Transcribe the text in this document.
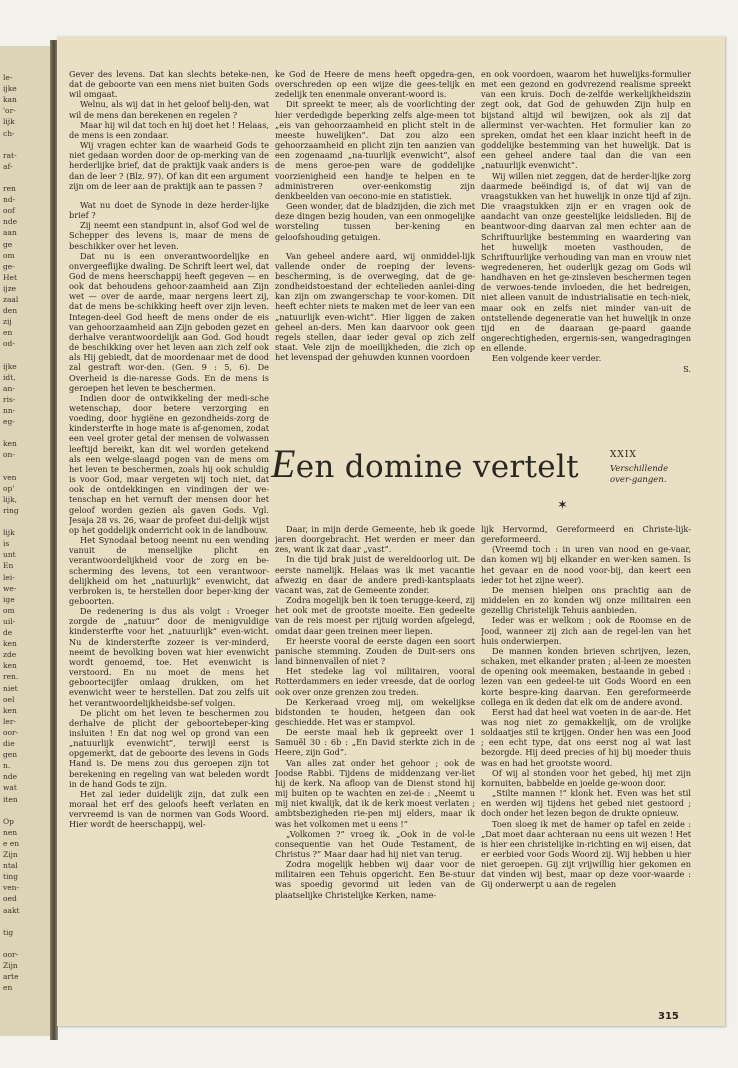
le-
ijke
kan
'or-
lijk
ch-
rat-
af-
ren
nd-
oof
nde
aan
ge
om
ge-
Het
ijze
zaal
den
zij
en
od-
ijke
idt,
an-
ris-
nn-
eg-
ken
on-
ven
op'
lijk,
ring
lijk
is
unt
En
lei-
we-
ige
om
uil-
de
ken
zde
ken
ren.
niet
oel
ken
ler-
oor-
die
gen
n.
nde
wat
iten
Op
nen
e en
Zijn
ntal
ting
ven-
oed
aakt
tig
oor-
Zijn
arte
en

Gever des levens. Dat kan slechts beteke-nen, dat de geboorte van een mens niet buiten Gods wil omgaat.

Welnu, als wij dat in het geloof belij-den, wat wil de mens dan berekenen en regelen ?

Maar hij wil dat toch en hij doet het ! Helaas, de mens is een zondaar.

Wij vragen echter kan de waarheid Gods te niet gedaan worden door de op-merking van de herderlijke brief, dat de praktijk vaak anders is dan de leer ? (Blz. 97). Of kan dit een argument zijn om de leer aan de praktijk aan te passen ?

Wat nu doet de Synode in deze herder-lijke brief ?

Zij neemt een standpunt in, alsof God wel de Schepper des levens is, maar de mens de beschikker over het leven.

Dat nu is een onverantwoordelijke en onvergeeflijke dwaling. De Schrift leert wel, dat God de mens heerschappij heeft gegeven — en ook dat behoudens gehoor-zaamheid aan Zijn wet — over de aarde, maar nergens leert zij, dat de mens be-schikking heeft over zijn leven. Integen-deel God heeft de mens onder de eis van gehoorzaamheid aan Zijn geboden gezet en derhalve verantwoordelijk aan God. God houdt de beschikking over het leven aan zich zelf ook als Hij gebiedt, dat de moordenaar met de dood zal gestraft wor-den. (Gen. 9 : 5, 6). De Overheid is die-naresse Gods. En de mens is geroepen het leven te beschermen.

Indien door de ontwikkeling der medi-sche wetenschap, door betere verzorging en voeding, door hygiëne en gezondheids-zorg de kindersterfte in hoge mate is af-genomen, zodat een veel groter getal der mensen de volwassen leeftijd bereikt, kan dit wel worden getekend als een welge-slaagd pogen van de mens om het leven te beschermen, zoals hij ook schuldig is voor God, maar vergeten wij toch niet, dat ook de ontdekkingen en vindingen der we-tenschap en het vernuft der mensen door het geloof worden gezien als gaven Gods. Vgl. Jesaja 28 vs. 26, waar de profeet dui-delijk wijst op het goddelijk onderricht ook in de landbouw.

Het Synodaal betoog neemt nu een wending vanuit de menselijke plicht en verantwoordelijkheid voor de zorg en be-scherming des levens, tot een verantwoor-delijkheid om het „natuurlijk” evenwicht, dat verbroken is, te herstellen door beper-king der geboorten.

De redenering is dus als volgt : Vroeger zorgde de „natuur” door de menigvuldige kindersterfte voor het „natuurlijk” even-wicht. Nu de kindersterfte zozeer is ver-minderd, neemt de bevolking boven wat hier evenwicht wordt genoemd, toe. Het evenwicht is verstoord. En nu moet de mens het geboortecijfer omlaag drukken, om het evenwicht weer te herstellen. Dat zou zelfs uit het verantwoordelijkheidsbe-sef volgen.

De plicht om het leven te beschermen zou derhalve de plicht der geboortebeper-king insluiten ! En dat nog wel op grond van een „natuurlijk evenwicht”, terwijl eerst is opgemerkt, dat de geboorte des levens in Gods Hand is. De mens zou dus geroepen zijn tot berekening en regeling van wat beleden wordt in de hand Gods te zijn.

Het zal ieder duidelijk zijn, dat zulk een moraal het erf des geloofs heeft verlaten en vervreemd is van de normen van Gods Woord. Hier wordt de heerschappij, wel-

ke God de Heere de mens heeft opgedra-gen, overschreden op een wijze die gees-telijk en zedelijk ten enenmale onverant-woord is.

Dit spreekt te meer, als de voorlichting der hier verdedigde beperking zelfs alge-meen tot „eis van gehoorzaamheid en plicht stelt in de meeste huwelijken”. Dat zou alzo een gehoorzaamheid en plicht zijn ten aanzien van een zogenaamd „na-tuurlijk evenwicht”, alsof de mens geroe-pen ware de goddelijke voorzienigheid een handje te helpen en te administreren over-eenkomstig zijn denkbeelden van oecono-mie en statistiek.

Geen wonder, dat de bladzijden, die zich met deze dingen bezig houden, van een onmogelijke worsteling tussen ber-kening en geloofshouding getuigen.

Van geheel andere aard, wij onmiddel-lijk vallende onder de roeping der levens-bescherming, is de overweging, dat de ge-zondheidstoestand der echtelieden aanlei-ding kan zijn om zwangerschap te voor-komen. Dit heeft echter niets te maken met de leer van een „natuurlijk even-wicht”. Hier liggen de zaken geheel an-ders. Men kan daarvoor ook geen regels stellen, daar ieder geval op zich zelf staat. Vele zijn de moeilijkheden, die zich op het levenspad der gehuwden kunnen voordoen

en ook voordoen, waarom het huwelijks-formulier met een gezond en godvrezend realisme spreekt van een kruis. Doch de-zelfde werkelijkheidszin zegt ook, dat God de gehuwden Zijn hulp en bijstand altijd wil bewijzen, ook als zij dat allerminst ver-wachten. Het formulier kan zo spreken, omdat het een klaar inzicht heeft in de goddelijke bestemming van het huwelijk. Dat is een geheel andere taal dan die van een „natuurlijk evenwicht”.

Wij willen niet zeggen, dat de herder-lijke zorg daarmede beëindigd is, of dat wij van de vraagstukken van het huwelijk in onze tijd af zijn. Die vraagstukken zijn er en vragen ook de aandacht van onze geestelijke leidslieden. Bij de beantwoor-ding daarvan zal men echter aan de Schriftuurlijke bestemming en waardering van het huwelijk moeten vasthouden, de Schriftuurlijke verhouding van man en vrouw niet wegredeneren, het ouderlijk gezag om Gods wil handhaven en het ge-zinsleven beschermen tegen de verwoes-tende invloeden, die het bedreigen, niet alleen vanuit de industrialisatie en tech-niek, maar ook en zelfs niet minder van-uit de ontstellende degeneratie van het huwelijk in onze tijd en de daaraan ge-paard gaande ongerechtigheden, ergernis-sen, wangedragingen en ellende.

Een volgende keer verder.

S.

Een domine vertelt	XXIX
Verschillende over-gangen.
✶

Daar, in mijn derde Gemeente, heb ik goede jaren doorgebracht. Het werden er meer dan zes, want ik zat daar „vast”.

In die tijd brak juist de wereldoorlog uit. De eerste namelijk. Helaas was ik met vacantie afwezig en daar de andere predi-kantsplaats vacant was, zat de Gemeente zonder.

Zodra mogelijk ben ik toen terugge-keerd, zij het ook met de grootste moeite. Een gedeelte van de reis moest per rijtuig worden afgelegd, omdat daar geen treinen meer liepen.

Er heerste vooral de eerste dagen een soort panische stemming. Zouden de Duit-sers ons land binnenvallen of niet ?

Het stedeke lag vol militairen, vooral Rotterdammers en ieder vreesde, dat de oorlog ook over onze grenzen zou treden.

De Kerkeraad vroeg mij, om wekelijkse bidstonden te houden, hetgeen dan ook geschiedde. Het was er stampvol.

De eerste maal heb ik gepreekt over 1 Samuël 30 : 6b : „En David sterkte zich in de Heere, zijn God”.

Van alles zat onder het gehoor ; ook de Joodse Rabbi. Tijdens de middenzang ver-liet hij de kerk. Na afloop van de Dienst stond hij mij buiten op te wachten en zei-de : „Neemt u mij niet kwalijk, dat ik de kerk moest verlaten ; ambtsbezigheden rie-pen mij elders, maar ik was het volkomen met u eens !”

„Volkomen ?” vroeg ik. „Ook in de vol-le consequentie van het Oude Testament, de Christus ?” Maar daar had hij niet van terug.

Zodra mogelijk hebben wij daar voor de militairen een Tehuis opgericht. Een Be-stuur was spoedig gevormd uit leden van de plaatselijke Christelijke Kerken, name-

lijk Hervormd, Gereformeerd en Christe-lijk-gereformeerd.

(Vreemd toch : in uren van nood en ge-vaar, dan komen wij bij elkander en wer-ken samen. Is het gevaar en de nood voor-bij, dan keert een ieder tot het zijne weer).

De mensen hielpen ons prachtig aan de middelen en zo konden wij onze militairen een gezellig Christelijk Tehuis aanbieden.

Ieder was er welkom ; ook de Roomse en de Jood, wanneer zij zich aan de regel-len van het huis onderwierpen.

De mannen konden brieven schrijven, lezen, schaken, met elkander praten ; al-leen ze moesten de opening ook meemaken, bestaande in gebed : lezen van een gedeel-te uit Gods Woord en een korte bespre-king daarvan. Een gereformeerde collega en ik deden dat elk om de andere avond.

Eerst had dat heel wat voeten in de aar-de. Het was nog niet zo gemakkelijk, om de vrolijke soldaatjes stil te krijgen. Onder hen was een Jood ; een echt type, dat ons eerst nog al wat last bezorgde. Hij deed precies of hij bij moeder thuis was en had het grootste woord.

Of wij al stonden voor het gebed, hij met zijn kornuiten, babbelde en joelde ge-woon door.

„Stilte mannen !” klonk het. Even was het stil en werden wij tijdens het gebed niet gestoord ; doch onder het lezen begon de drukte opnieuw.

Toen sloeg ik met de hamer op tafel en zeide : „Dat moet daar achteraan nu eens uit wezen ! Het is hier een christelijke in-richting en wij eisen, dat er eerbied voor Gods Woord zij. Wij hebben u hier niet geroepen. Gij zijt vrijwillig hier gekomen en dat vinden wij best, maar op deze voor-waarde : Gij onderwerpt u aan de regelen

315
